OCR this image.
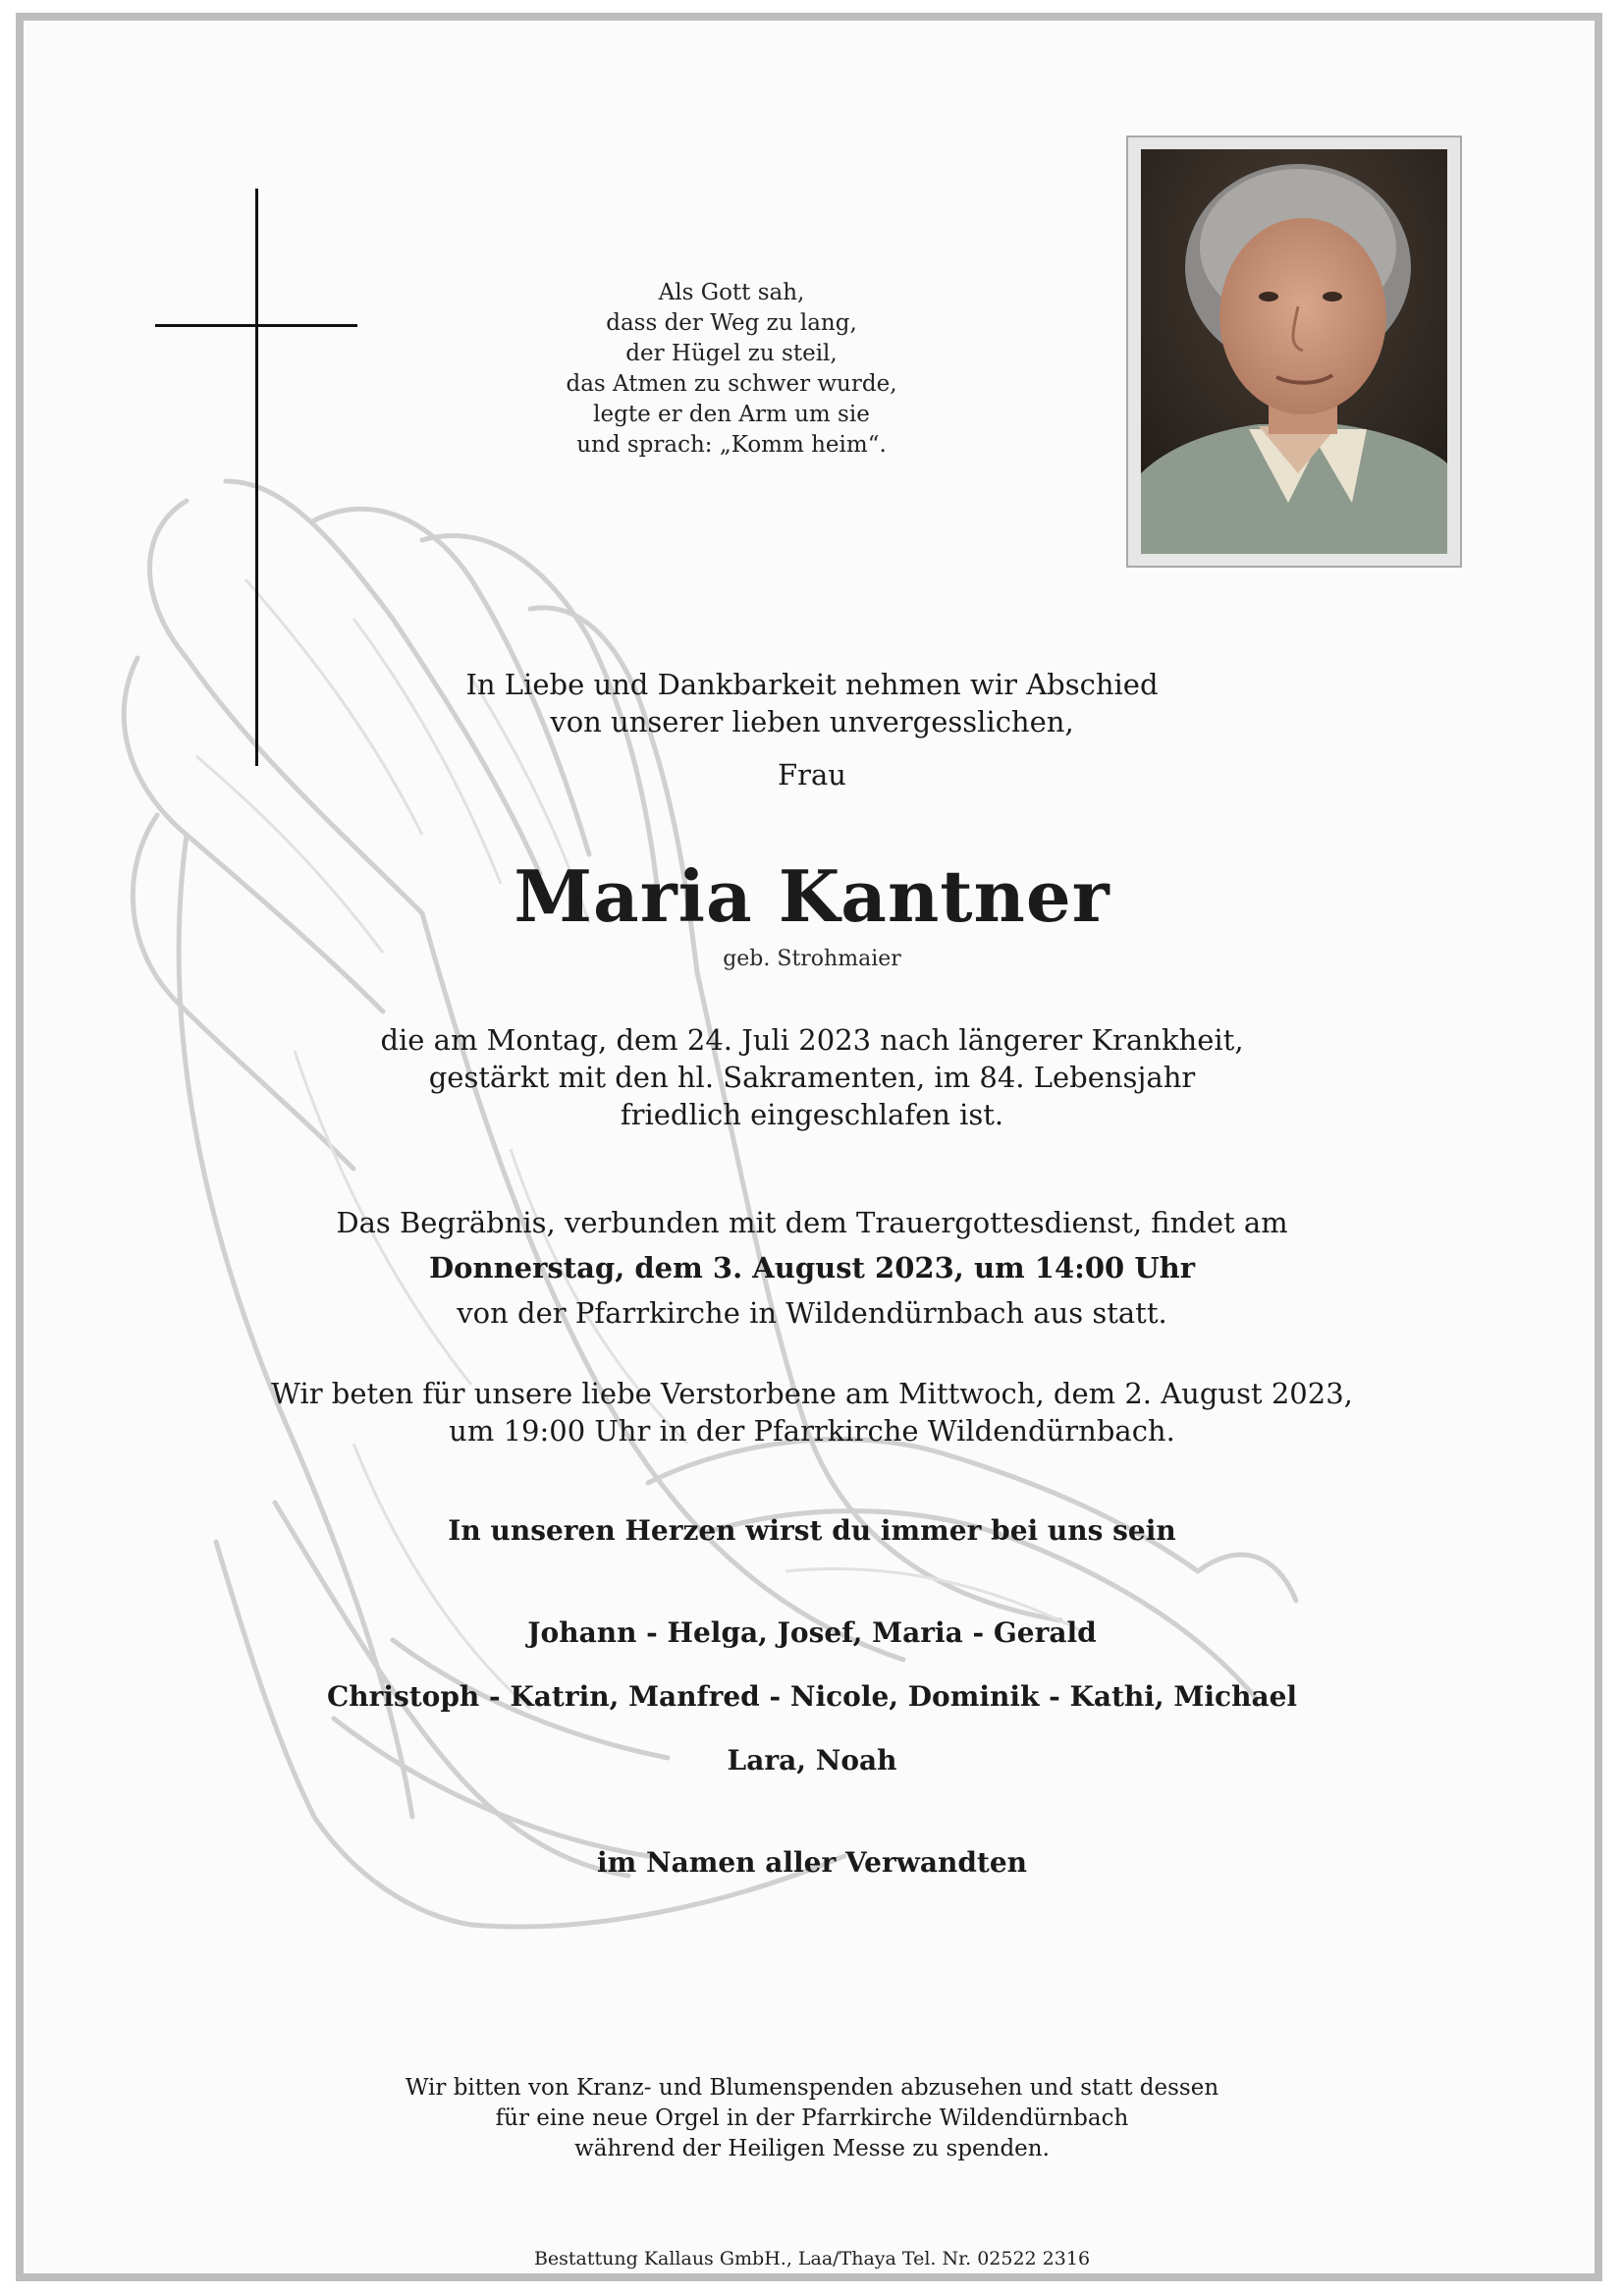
Als Gott sah,
dass der Weg zu lang,
der Hügel zu steil,
das Atmen zu schwer wurde,
legte er den Arm um sie
und sprach: „Komm heim“.
In Liebe und Dankbarkeit nehmen wir Abschied
von unserer lieben unvergesslichen,
Frau
Maria Kantner
geb. Strohmaier
die am Montag, dem 24. Juli 2023 nach längerer Krankheit,
gestärkt mit den hl. Sakramenten, im 84. Lebensjahr
friedlich eingeschlafen ist.
Das Begräbnis, verbunden mit dem Trauergottesdienst, findet am
Donnerstag, dem 3. August 2023, um 14:00 Uhr
von der Pfarrkirche in Wildendürnbach aus statt.
Wir beten für unsere liebe Verstorbene am Mittwoch, dem 2. August 2023,
um 19:00 Uhr in der Pfarrkirche Wildendürnbach.
In unseren Herzen wirst du immer bei uns sein
Johann - Helga, Josef, Maria - Gerald
Christoph - Katrin, Manfred - Nicole, Dominik - Kathi, Michael
Lara, Noah
im Namen aller Verwandten
Wir bitten von Kranz- und Blumenspenden abzusehen und statt dessen
für eine neue Orgel in der Pfarrkirche Wildendürnbach
während der Heiligen Messe zu spenden.
Bestattung Kallaus GmbH., Laa/Thaya Tel. Nr. 02522 2316
